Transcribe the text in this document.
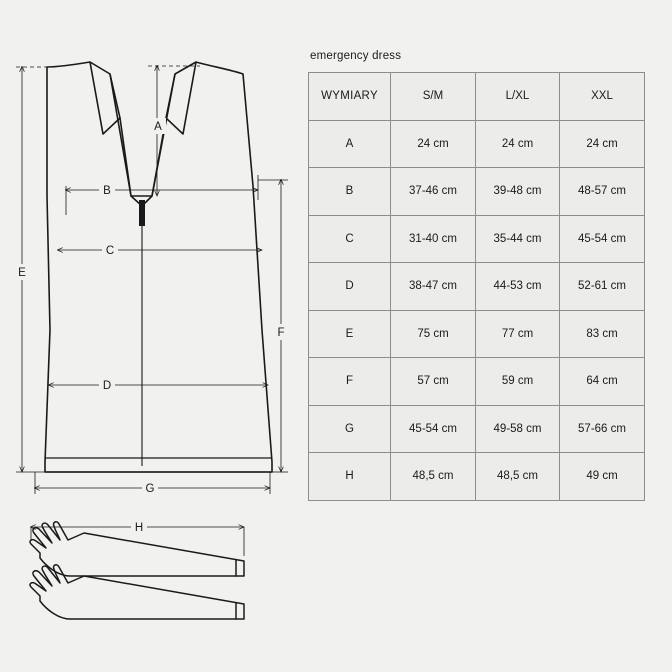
A
B
C
D
E
F
G
H
emergency dress
WYMIARY	S/M	L/XL	XXL
A	24 cm	24 cm	24 cm
B	37-46 cm	39-48 cm	48-57 cm
C	31-40 cm	35-44 cm	45-54 cm
D	38-47 cm	44-53 cm	52-61 cm
E	75 cm	77 cm	83 cm
F	57 cm	59 cm	64 cm
G	45-54 cm	49-58 cm	57-66 cm
H	48,5 cm	48,5 cm	49 cm
